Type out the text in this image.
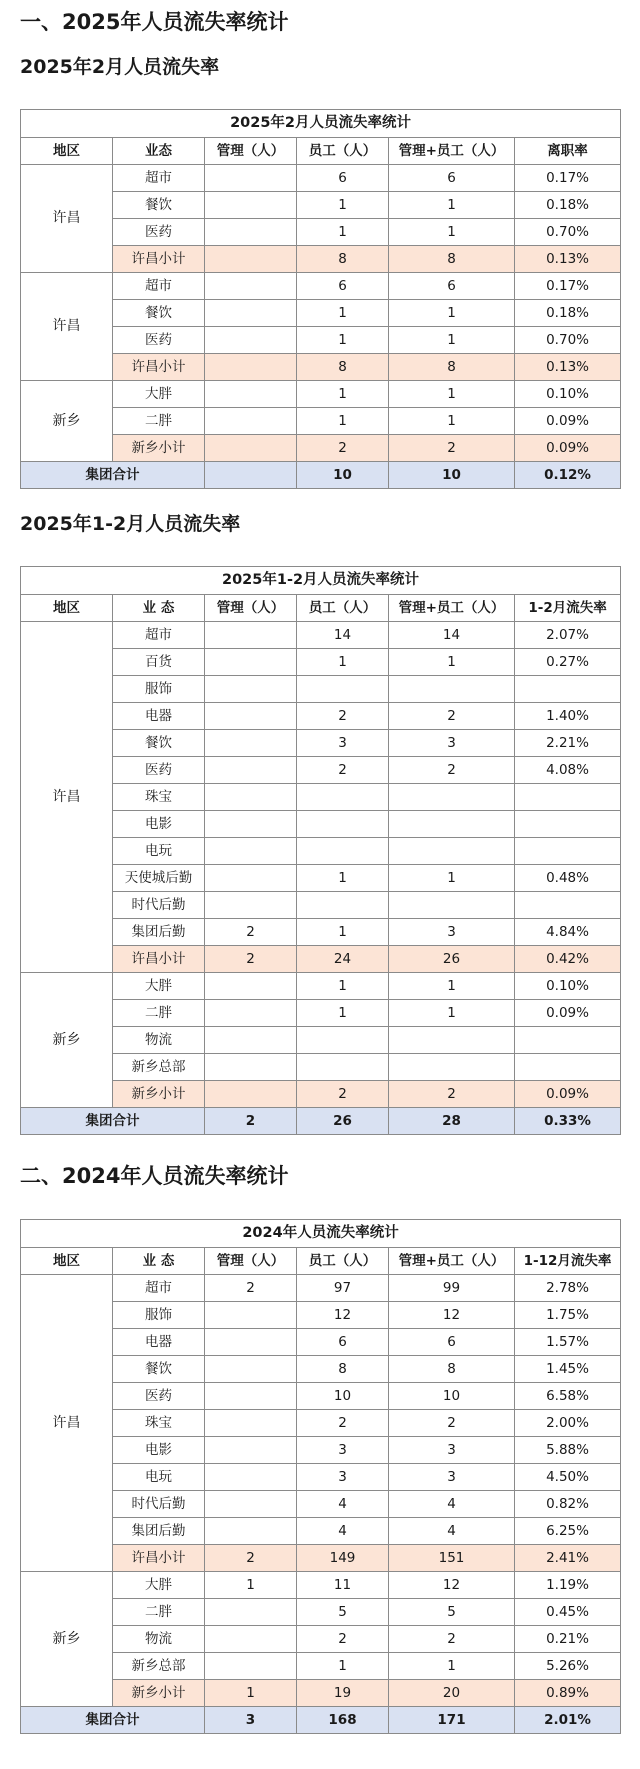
一、2025年人员流失率统计
2025年2月人员流失率
2025年2月人员流失率统计					
地区	业态	管理（人）	员工（人）	管理+员工（人）	离职率
许昌	超市		6	6	0.17%
	餐饮		1	1	0.18%
	医药		1	1	0.70%
	许昌小计		8	8	0.13%
许昌	超市		6	6	0.17%
	餐饮		1	1	0.18%
	医药		1	1	0.70%
	许昌小计		8	8	0.13%
新乡	大胖		1	1	0.10%
	二胖		1	1	0.09%
	新乡小计		2	2	0.09%
集团合计			10	10	0.12%
2025年1-2月人员流失率
2025年1-2月人员流失率统计					
地区	业 态	管理（人）	员工（人）	管理+员工（人）	1-2月流失率
许昌	超市		14	14	2.07%
	百货		1	1	0.27%
	服饰				
	电器		2	2	1.40%
	餐饮		3	3	2.21%
	医药		2	2	4.08%
	珠宝				
	电影				
	电玩				
	天使城后勤		1	1	0.48%
	时代后勤				
	集团后勤	2	1	3	4.84%
	许昌小计	2	24	26	0.42%
新乡	大胖		1	1	0.10%
	二胖		1	1	0.09%
	物流				
	新乡总部				
	新乡小计		2	2	0.09%
集团合计		2	26	28	0.33%
二、2024年人员流失率统计
2024年人员流失率统计					
地区	业 态	管理（人）	员工（人）	管理+员工（人）	1-12月流失率
许昌	超市	2	97	99	2.78%
	服饰		12	12	1.75%
	电器		6	6	1.57%
	餐饮		8	8	1.45%
	医药		10	10	6.58%
	珠宝		2	2	2.00%
	电影		3	3	5.88%
	电玩		3	3	4.50%
	时代后勤		4	4	0.82%
	集团后勤		4	4	6.25%
	许昌小计	2	149	151	2.41%
新乡	大胖	1	11	12	1.19%
	二胖		5	5	0.45%
	物流		2	2	0.21%
	新乡总部		1	1	5.26%
	新乡小计	1	19	20	0.89%
集团合计		3	168	171	2.01%
